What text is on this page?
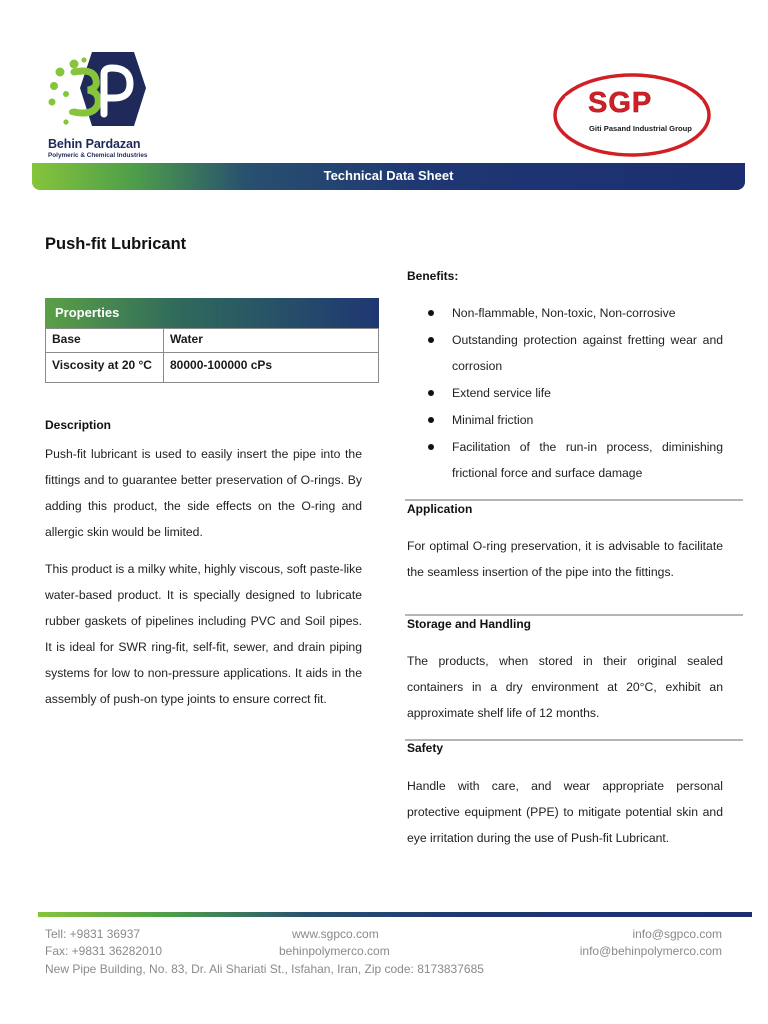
Behin Pardazan
Polymeric & Chemical Industries
SGP
Giti Pasand Industrial Group
Technical Data Sheet
Push-fit Lubricant
Properties
Base	Water
Viscosity at 20 °C	80000-100000 cPs
Description
Push-fit lubricant is used to easily insert the pipe into the fittings and to guarantee better preservation of O-rings. By adding this product, the side effects on the O-ring and allergic skin would be limited.
This product is a milky white, highly viscous, soft paste-like water-based product. It is specially designed to lubricate rubber gaskets of pipelines including PVC and Soil pipes. It is ideal for SWR ring-fit, self-fit, sewer, and drain piping systems for low to non-pressure applications. It aids in the assembly of push-on type joints to ensure correct fit.
Benefits:
Non-flammable, Non-toxic, Non-corrosive
Outstanding protection against fretting wear and corrosion
Extend service life
Minimal friction
Facilitation of the run-in process, diminishing frictional force and surface damage
Application
For optimal O-ring preservation, it is advisable to facilitate the seamless insertion of the pipe into the fittings.
Storage and Handling
The products, when stored in their original sealed containers in a dry environment at 20°C, exhibit an approximate shelf life of 12 months.
Safety
Handle with care, and wear appropriate personal protective equipment (PPE) to mitigate potential skin and eye irritation during the use of Push-fit Lubricant.
Tell: +9831 36937
Fax: +9831 36282010
New Pipe Building, No. 83, Dr. Ali Shariati St., Isfahan, Iran, Zip code: 8173837685
www.sgpco.com
behinpolymerco.com
info@sgpco.com
info@behinpolymerco.com
